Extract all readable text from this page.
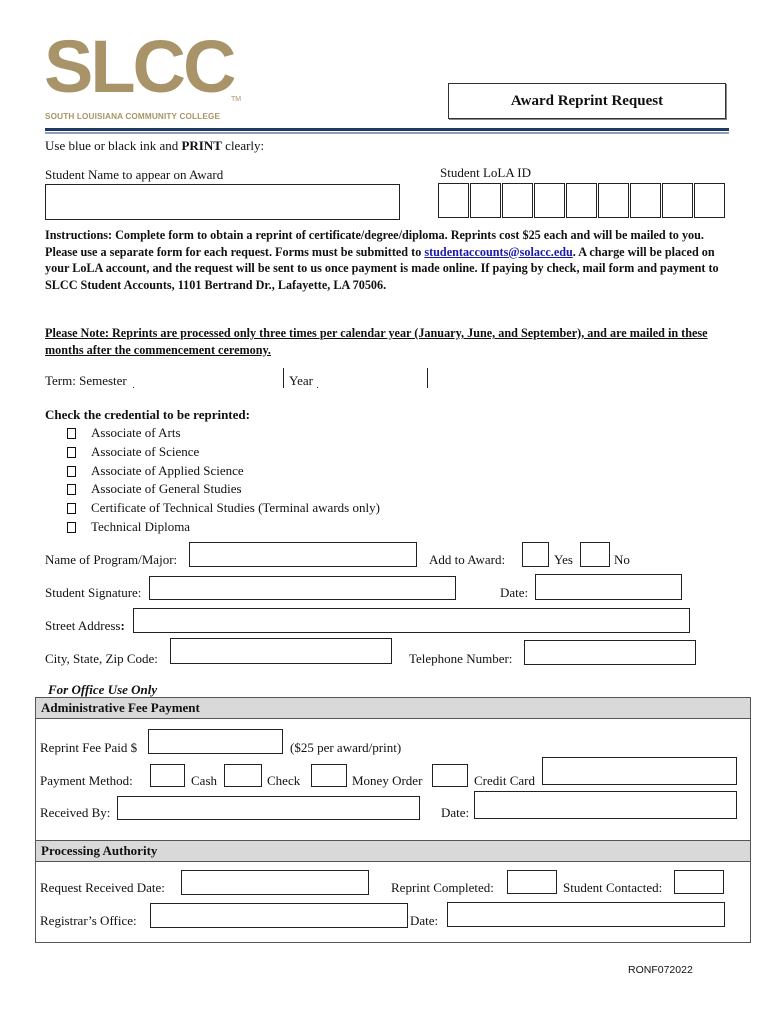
SLCC
TM
SOUTH LOUISIANA COMMUNITY COLLEGE
Award Reprint Request
Use blue or black ink and PRINT clearly:
Student Name to appear on Award	Student LoLA ID
Instructions: Complete form to obtain a reprint of certificate/degree/diploma. Reprints cost $25 each and will be mailed to you. Please use a separate form for each request. Forms must be submitted to studentaccounts@solacc.edu. A charge will be placed on your LoLA account, and the request will be sent to us once payment is made online. If paying by check, mail form and payment to SLCC Student Accounts, 1101 Bertrand Dr., Lafayette, LA 70506.
Please Note: Reprints are processed only three times per calendar year (January, June, and September), and are mailed in these months after the commencement ceremony.
Term: Semester	Year
Check the credential to be reprinted:
Associate of Arts
Associate of Science
Associate of Applied Science
Associate of General Studies
Certificate of Technical Studies (Terminal awards only)
Technical Diploma
Name of Program/Major:	Add to Award:	Yes	No
Student Signature:	Date:
Street Address:
City, State, Zip Code:	Telephone Number:
For Office Use Only
Administrative Fee Payment
Reprint Fee Paid $	($25 per award/print)
Payment Method:	Cash	Check	Money Order	Credit Card
Received By:	Date:
Processing Authority
Request Received Date:	Reprint Completed:	Student Contacted:
Registrar’s Office:	Date:
RONF072022
